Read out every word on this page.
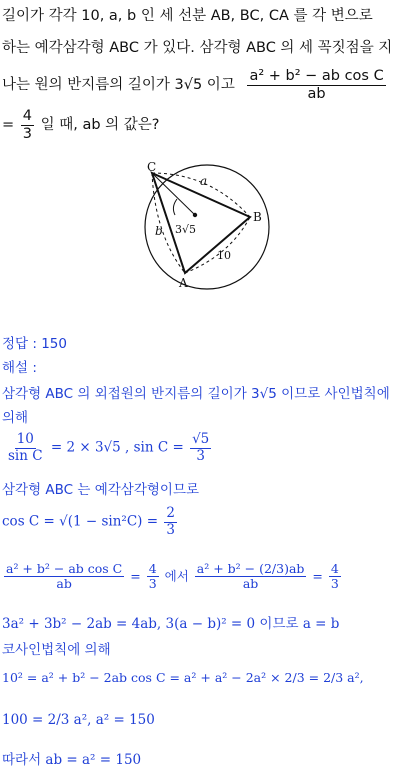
길이가 각각 10, a, b 인 세 선분 AB, BC, CA 를 각 변으로
하는 예각삼각형 ABC 가 있다. 삼각형 ABC 의 세 꼭짓점을 지
나는 원의 반지름의 길이가 3√5 이고 $\frac{\text{a² + b² − ab cos C}}{ab}$
= $\frac{4}{3}$ 일 때, ab 의 값은?
C
B
A
a
b
10
3√5
정답 : 150
해설 :
삼각형 ABC 의 외접원의 반지름의 길이가 3√5 이므로 사인법칙에
의해
$\frac{10}{\text{sin C}} = 2 \times 3√5$ , $\sin C = \frac{√5}{3}$
삼각형 ABC 는 예각삼각형이므로
$\cos C = √(1 - \sin^2C) = \frac{2}{3}$
$\frac{\text{a² + b² − ab cos C}}{ab} = \frac{4}{3}$ 에서 $\frac{\text{a² + b² − (2/3)ab}}{ab} = \frac{4}{3}$
3a² + 3b² − 2ab = 4ab, 3(a − b)² = 0 이므로 a = b
코사인법칙에 의해
10² = a² + b² − 2ab cos C = a² + a² − 2a² × 2/3 = 2/3 a²,
100 = 2/3 a², a² = 150
따라서 ab = a² = 150
